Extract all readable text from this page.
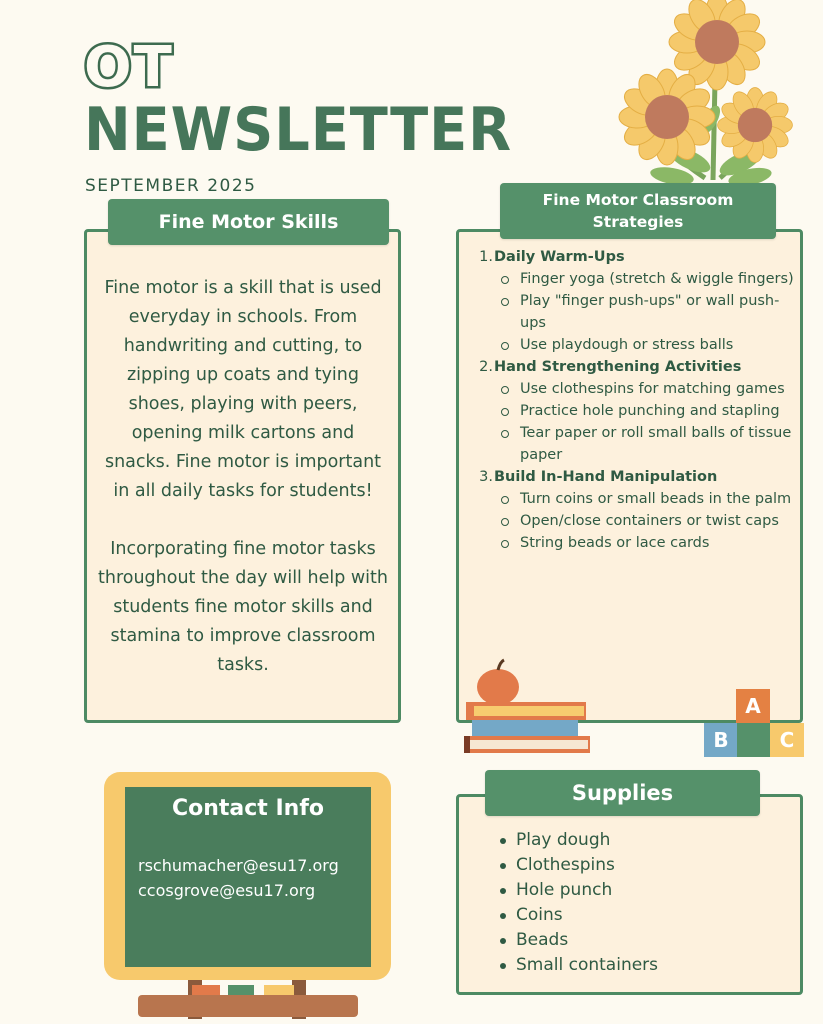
OT
NEWSLETTER
SEPTEMBER 2025
Fine Motor Skills

Fine motor is a skill that is used everyday in schools. From handwriting and cutting, to zipping up coats and tying shoes, playing with peers, opening milk cartons and snacks. Fine motor is important in all daily tasks for students!

Incorporating fine motor tasks throughout the day will help with students fine motor skills and stamina to improve classroom tasks.

Fine Motor Classroom Strategies
1. Daily Warm-Ups
Finger yoga (stretch & wiggle fingers)
Play "finger push-ups" or wall push-ups
Use playdough or stress balls
2. Hand Strengthening Activities
Use clothespins for matching games
Practice hole punching and stapling
Tear paper or roll small balls of tissue paper
3. Build In-Hand Manipulation
Turn coins or small beads in the palm
Open/close containers or twist caps
String beads or lace cards
A
B	C
Supplies
Play dough
Clothespins
Hole punch
Coins
Beads
Small containers
Contact Info
rschumacher@esu17.org
ccosgrove@esu17.org
